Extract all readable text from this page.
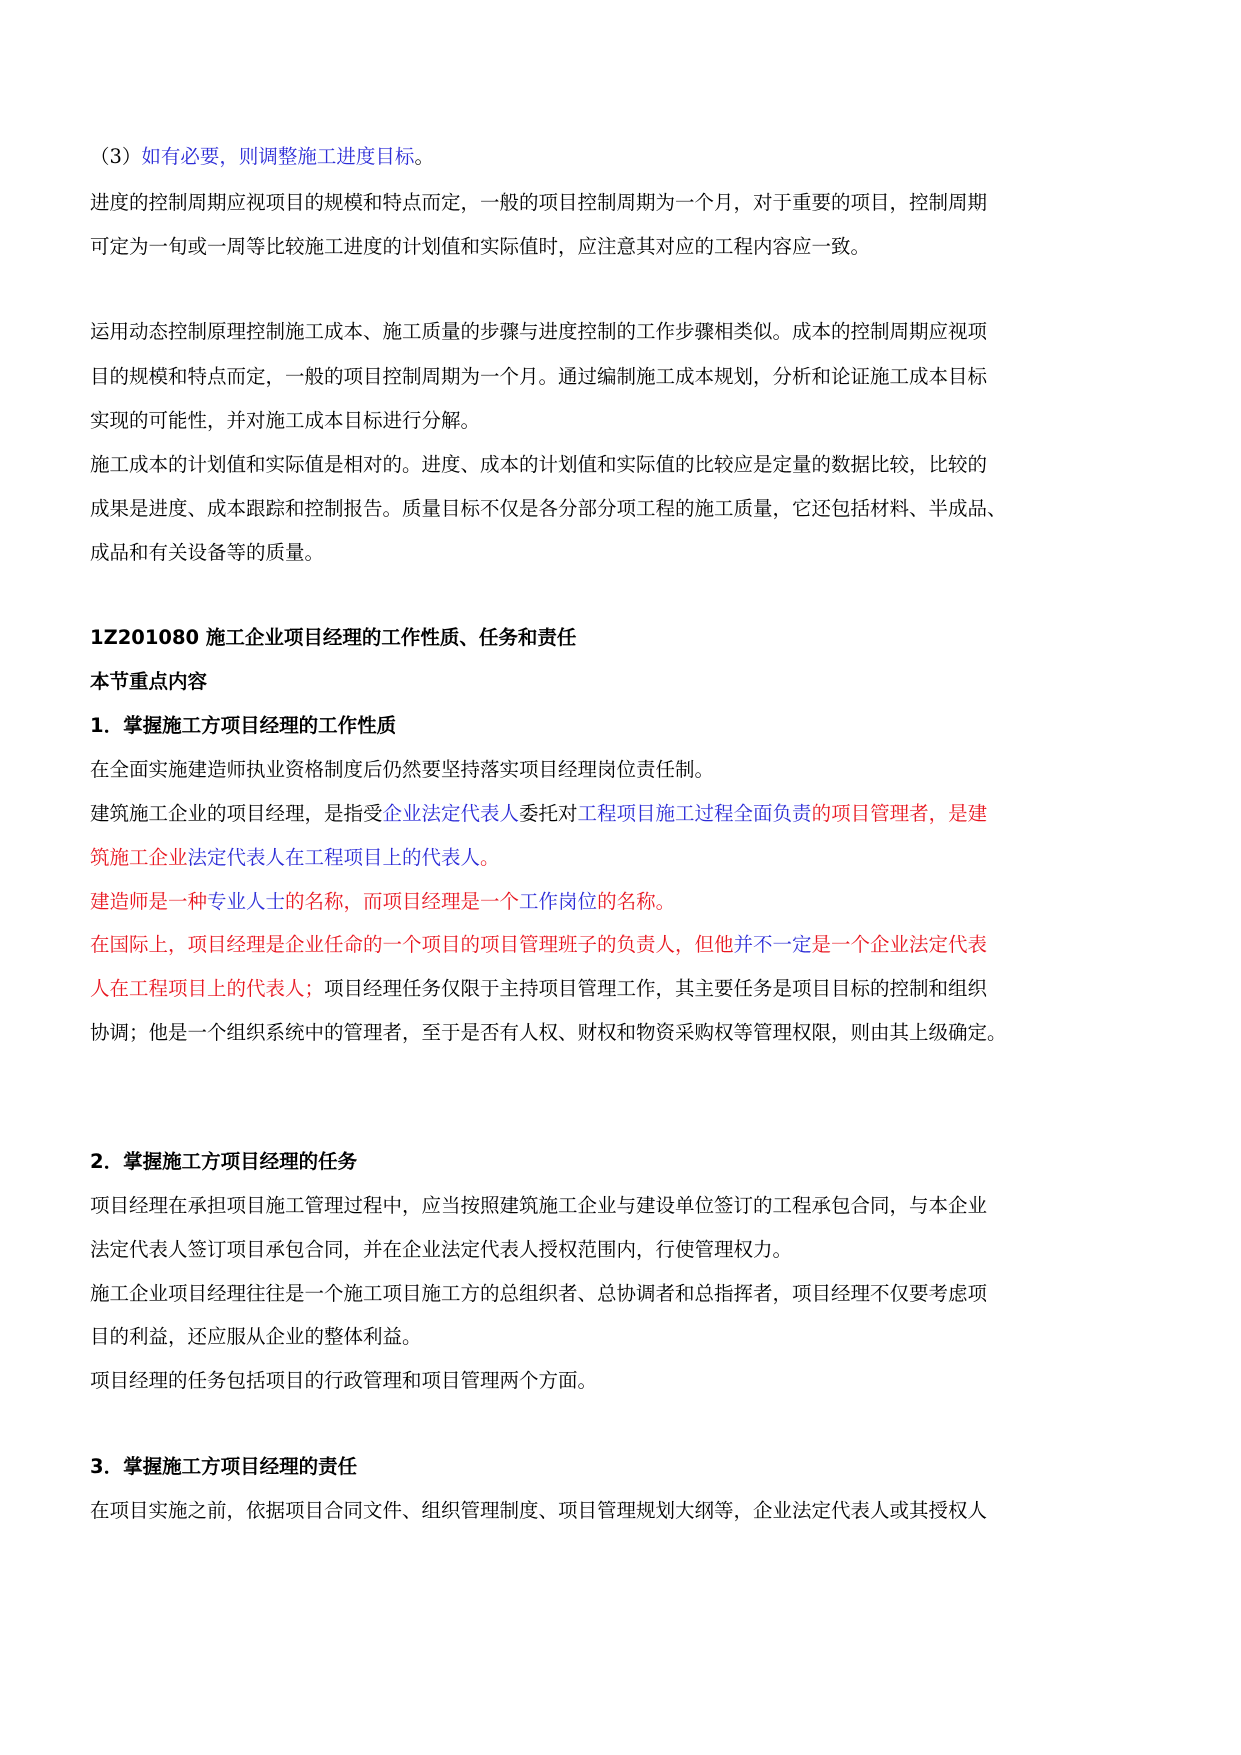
（3）如有必要，则调整施工进度目标。
进度的控制周期应视项目的规模和特点而定，一般的项目控制周期为一个月，对于重要的项目，控制周期
可定为一旬或一周等比较施工进度的计划值和实际值时，应注意其对应的工程内容应一致。
运用动态控制原理控制施工成本、施工质量的步骤与进度控制的工作步骤相类似。成本的控制周期应视项
目的规模和特点而定，一般的项目控制周期为一个月。通过编制施工成本规划，分析和论证施工成本目标
实现的可能性，并对施工成本目标进行分解。
施工成本的计划值和实际值是相对的。进度、成本的计划值和实际值的比较应是定量的数据比较，比较的
成果是进度、成本跟踪和控制报告。质量目标不仅是各分部分项工程的施工质量，它还包括材料、半成品、
成品和有关设备等的质量。
1Z201080 施工企业项目经理的工作性质、任务和责任
本节重点内容
1．掌握施工方项目经理的工作性质
在全面实施建造师执业资格制度后仍然要坚持落实项目经理岗位责任制。
建筑施工企业的项目经理，是指受企业法定代表人委托对工程项目施工过程全面负责的项目管理者，是建
筑施工企业法定代表人在工程项目上的代表人。
建造师是一种专业人士的名称，而项目经理是一个工作岗位的名称。
在国际上，项目经理是企业任命的一个项目的项目管理班子的负责人，但他并不一定是一个企业法定代表
人在工程项目上的代表人；项目经理任务仅限于主持项目管理工作，其主要任务是项目目标的控制和组织
协调；他是一个组织系统中的管理者，至于是否有人权、财权和物资采购权等管理权限，则由其上级确定。
2．掌握施工方项目经理的任务
项目经理在承担项目施工管理过程中，应当按照建筑施工企业与建设单位签订的工程承包合同，与本企业
法定代表人签订项目承包合同，并在企业法定代表人授权范围内，行使管理权力。
施工企业项目经理往往是一个施工项目施工方的总组织者、总协调者和总指挥者，项目经理不仅要考虑项
目的利益，还应服从企业的整体利益。
项目经理的任务包括项目的行政管理和项目管理两个方面。
3．掌握施工方项目经理的责任
在项目实施之前，依据项目合同文件、组织管理制度、项目管理规划大纲等，企业法定代表人或其授权人
